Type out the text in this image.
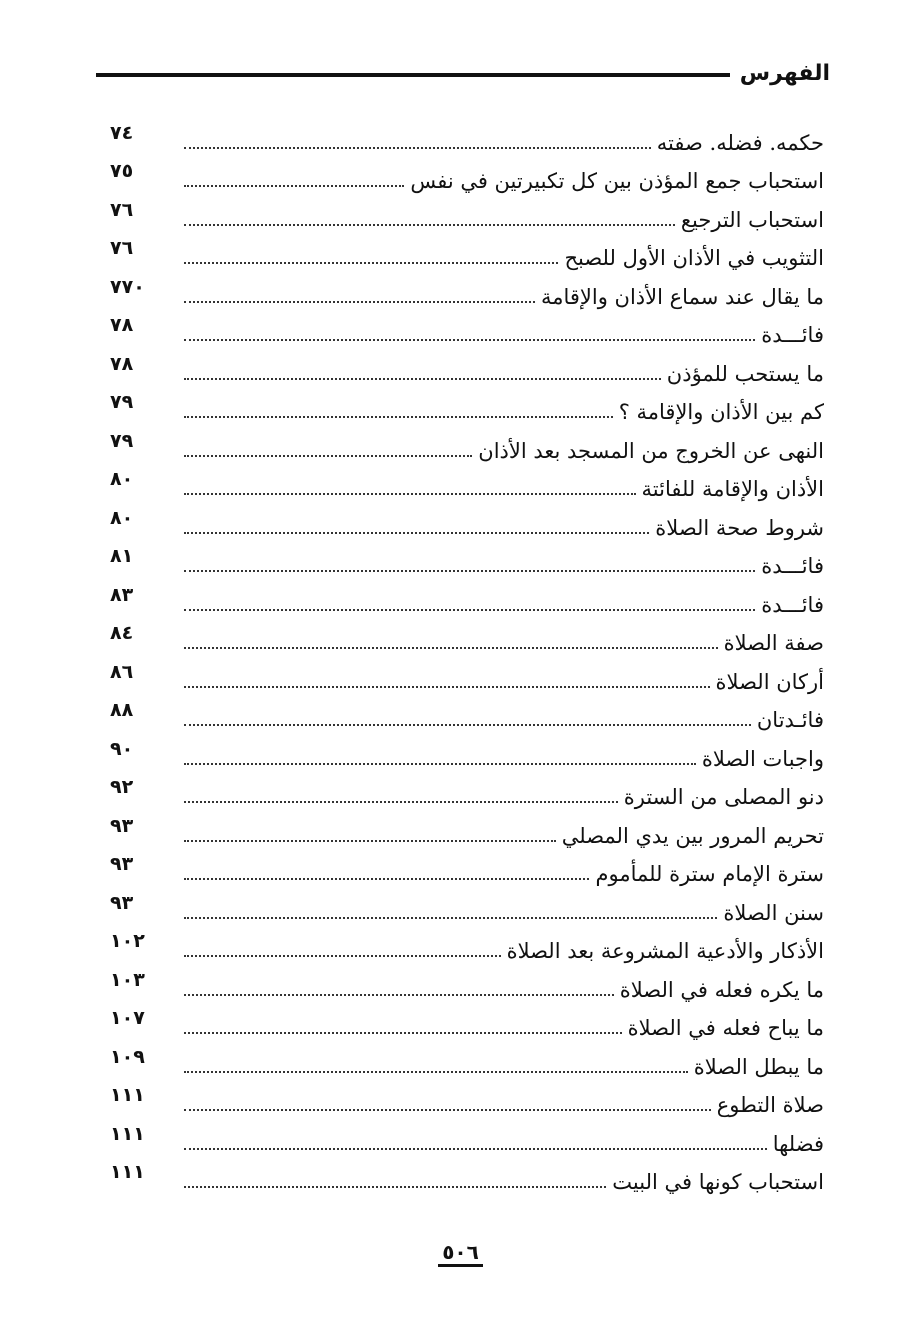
الفهرس
حكمه. فضله. صفته
٧٤
استحباب جمع المؤذن بين كل تكبيرتين في نفس
٧٥
استحباب الترجيع
٧٦
التثويب في الأذان الأول للصبح
٧٦
ما يقال عند سماع الأذان والإقامة
٧٧٠
فائـــدة
٧٨
ما يستحب للمؤذن
٧٨
كم بين الأذان والإقامة ؟
٧٩
النهى عن الخروج من المسجد بعد الأذان
٧٩
الأذان والإقامة للفائتة
٨٠
شروط صحة الصلاة
٨٠
فائـــدة
٨١
فائـــدة
٨٣
صفة الصلاة
٨٤
أركان الصلاة
٨٦
فائـدتان
٨٨
واجبات الصلاة
٩٠
دنو المصلى من السترة
٩٢
تحريم المرور بين يدي المصلي
٩٣
سترة الإمام سترة للمأموم
٩٣
سنن الصلاة
٩٣
الأذكار والأدعية المشروعة بعد الصلاة
١٠٢
ما يكره فعله في الصلاة
١٠٣
ما يباح فعله في الصلاة
١٠٧
ما يبطل الصلاة
١٠٩
صلاة التطوع
١١١
فضلها
١١١
استحباب كونها في البيت
١١١
٥٠٦
